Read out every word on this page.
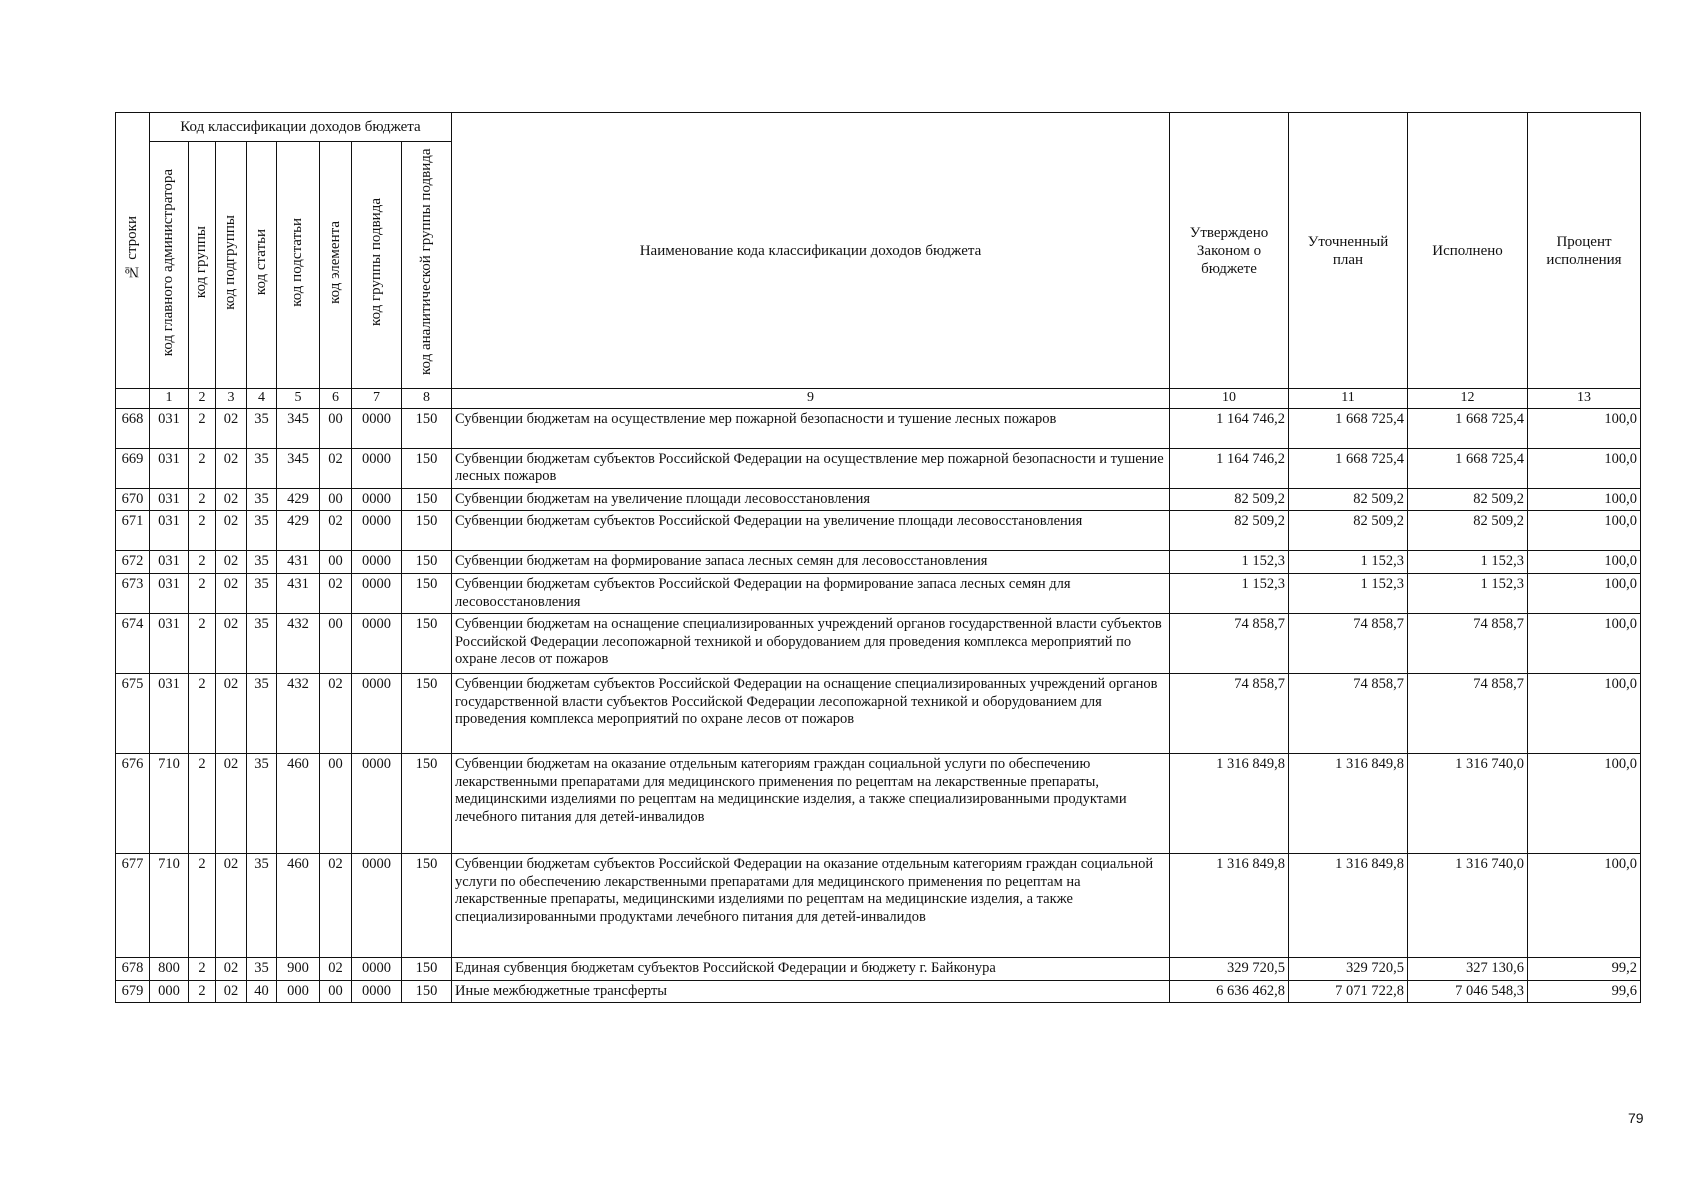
№ строки	Код классификации доходов бюджета								Наименование кода классификации доходов бюджета	Утверждено Законом о бюджете	Уточненный план	Исполнено	Процент исполнения
	код главного администратора	код группы	код подгруппы	код статьи	код подстатьи	код элемента	код группы подвида	код аналитической группы подвида					
	1	2	3	4	5	6	7	8	9	10	11	12	13
668	031	2	02	35	345	00	0000	150	Субвенции бюджетам на осуществление мер пожарной безопасности и тушение лесных пожаров	1 164 746,2	1 668 725,4	1 668 725,4	100,0
669	031	2	02	35	345	02	0000	150	Субвенции бюджетам субъектов Российской Федерации на осуществление мер пожарной безопасности и тушение лесных пожаров	1 164 746,2	1 668 725,4	1 668 725,4	100,0
670	031	2	02	35	429	00	0000	150	Субвенции бюджетам на увеличение площади лесовосстановления	82 509,2	82 509,2	82 509,2	100,0
671	031	2	02	35	429	02	0000	150	Субвенции бюджетам субъектов Российской Федерации на увеличение площади лесовосстановления	82 509,2	82 509,2	82 509,2	100,0
672	031	2	02	35	431	00	0000	150	Субвенции бюджетам на формирование запаса лесных семян для лесовосстановления	1 152,3	1 152,3	1 152,3	100,0
673	031	2	02	35	431	02	0000	150	Субвенции бюджетам субъектов Российской Федерации на формирование запаса лесных семян для лесовосстановления	1 152,3	1 152,3	1 152,3	100,0
674	031	2	02	35	432	00	0000	150	Субвенции бюджетам на оснащение специализированных учреждений органов государственной власти субъектов Российской Федерации лесопожарной техникой и оборудованием для проведения комплекса мероприятий по охране лесов от пожаров	74 858,7	74 858,7	74 858,7	100,0
675	031	2	02	35	432	02	0000	150	Субвенции бюджетам субъектов Российской Федерации на оснащение специализированных учреждений органов государственной власти субъектов Российской Федерации лесопожарной техникой и оборудованием для проведения комплекса мероприятий по охране лесов от пожаров	74 858,7	74 858,7	74 858,7	100,0
676	710	2	02	35	460	00	0000	150	Субвенции бюджетам на оказание отдельным категориям граждан социальной услуги по обеспечению лекарственными препаратами для медицинского применения по рецептам на лекарственные препараты, медицинскими изделиями по рецептам на медицинские изделия, а также специализированными продуктами лечебного питания для детей-инвалидов	1 316 849,8	1 316 849,8	1 316 740,0	100,0
677	710	2	02	35	460	02	0000	150	Субвенции бюджетам субъектов Российской Федерации на оказание отдельным категориям граждан социальной услуги по обеспечению лекарственными препаратами для медицинского применения по рецептам на лекарственные препараты, медицинскими изделиями по рецептам на медицинские изделия, а также специализированными продуктами лечебного питания для детей-инвалидов	1 316 849,8	1 316 849,8	1 316 740,0	100,0
678	800	2	02	35	900	02	0000	150	Единая субвенция бюджетам субъектов Российской Федерации и бюджету г. Байконура	329 720,5	329 720,5	327 130,6	99,2
679	000	2	02	40	000	00	0000	150	Иные межбюджетные трансферты	6 636 462,8	7 071 722,8	7 046 548,3	99,6
79
